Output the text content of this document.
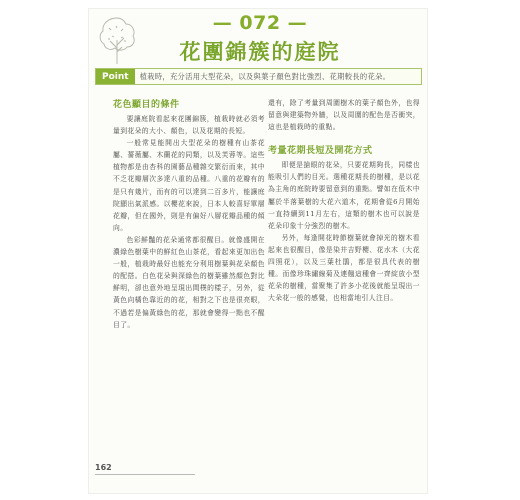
— 072 —
花團錦簇的庭院
Point	植栽時，充分活用大型花朵，以及與葉子顏色對比強烈、花期較長的花朵。
花色顯目的條件

要讓庭院看起來花團錦簇，植栽時就必須考量到花朵的大小、顏色，以及花期的長短。

一般常見能開出大型花朵的樹種有山茶花屬、薔薇屬、木蘭花的同類，以及芙蓉等。這些植物都是由杏科的園藝品種雜交繁衍而來，其中不乏花瓣層次多達八重的品種。八重的花瓣有的是只有幾片，而有的可以達到二百多片，能讓庭院顯出氣派感。以櫻花來說，日本人較喜好單層花瓣，但在國外，則是有偏好八層花瓣品種的傾向。

色彩鮮豔的花朵通常都很醒目。就像盛開在濃綠色樹葉中的鮮紅色山茶花，看起來更加出色一般，植栽時最好也能充分利用樹葉與花朵顏色的配搭。白色花朵與深綠色的樹葉雖然顏色對比鮮明，卻也意外地呈現出間樸的樣子，另外，從黃色向橘色靠近的的花，相對之下也是很亮眼，不過若是偏黃綠色的花，那就會變得一點也不醒目了。

還有，除了考量到周圍樹木的葉子顏色外，也得留意與建築物外牆，以及周圍的配色是否衝突，這也是植栽時的重點。

考量花期長短及開花方式

即便是搶眼的花朵，只要花期夠長，同樣也能吸引人們的目光。選種花期長的樹種，是以花為主角的庭院時要留意到的重點。譬如在低木中屬於半落葉樹的大花六道木，花期會從6月開始一直持續到11月左右，這類的樹木也可以說是花朵印象十分強烈的樹木。

另外，每逢開花時節樹葉就會掉光的樹木看起來也很醒目，像是染井吉野櫻、花水木（大花四照花），以及三葉杜鵑，都是很具代表的樹種。而像珍珠繡線菊及連翹這種會一齊綻放小型花朵的樹種，當聚集了許多小花後就能呈現出一大朵花一般的感覺，也相當地引人注目。

162
